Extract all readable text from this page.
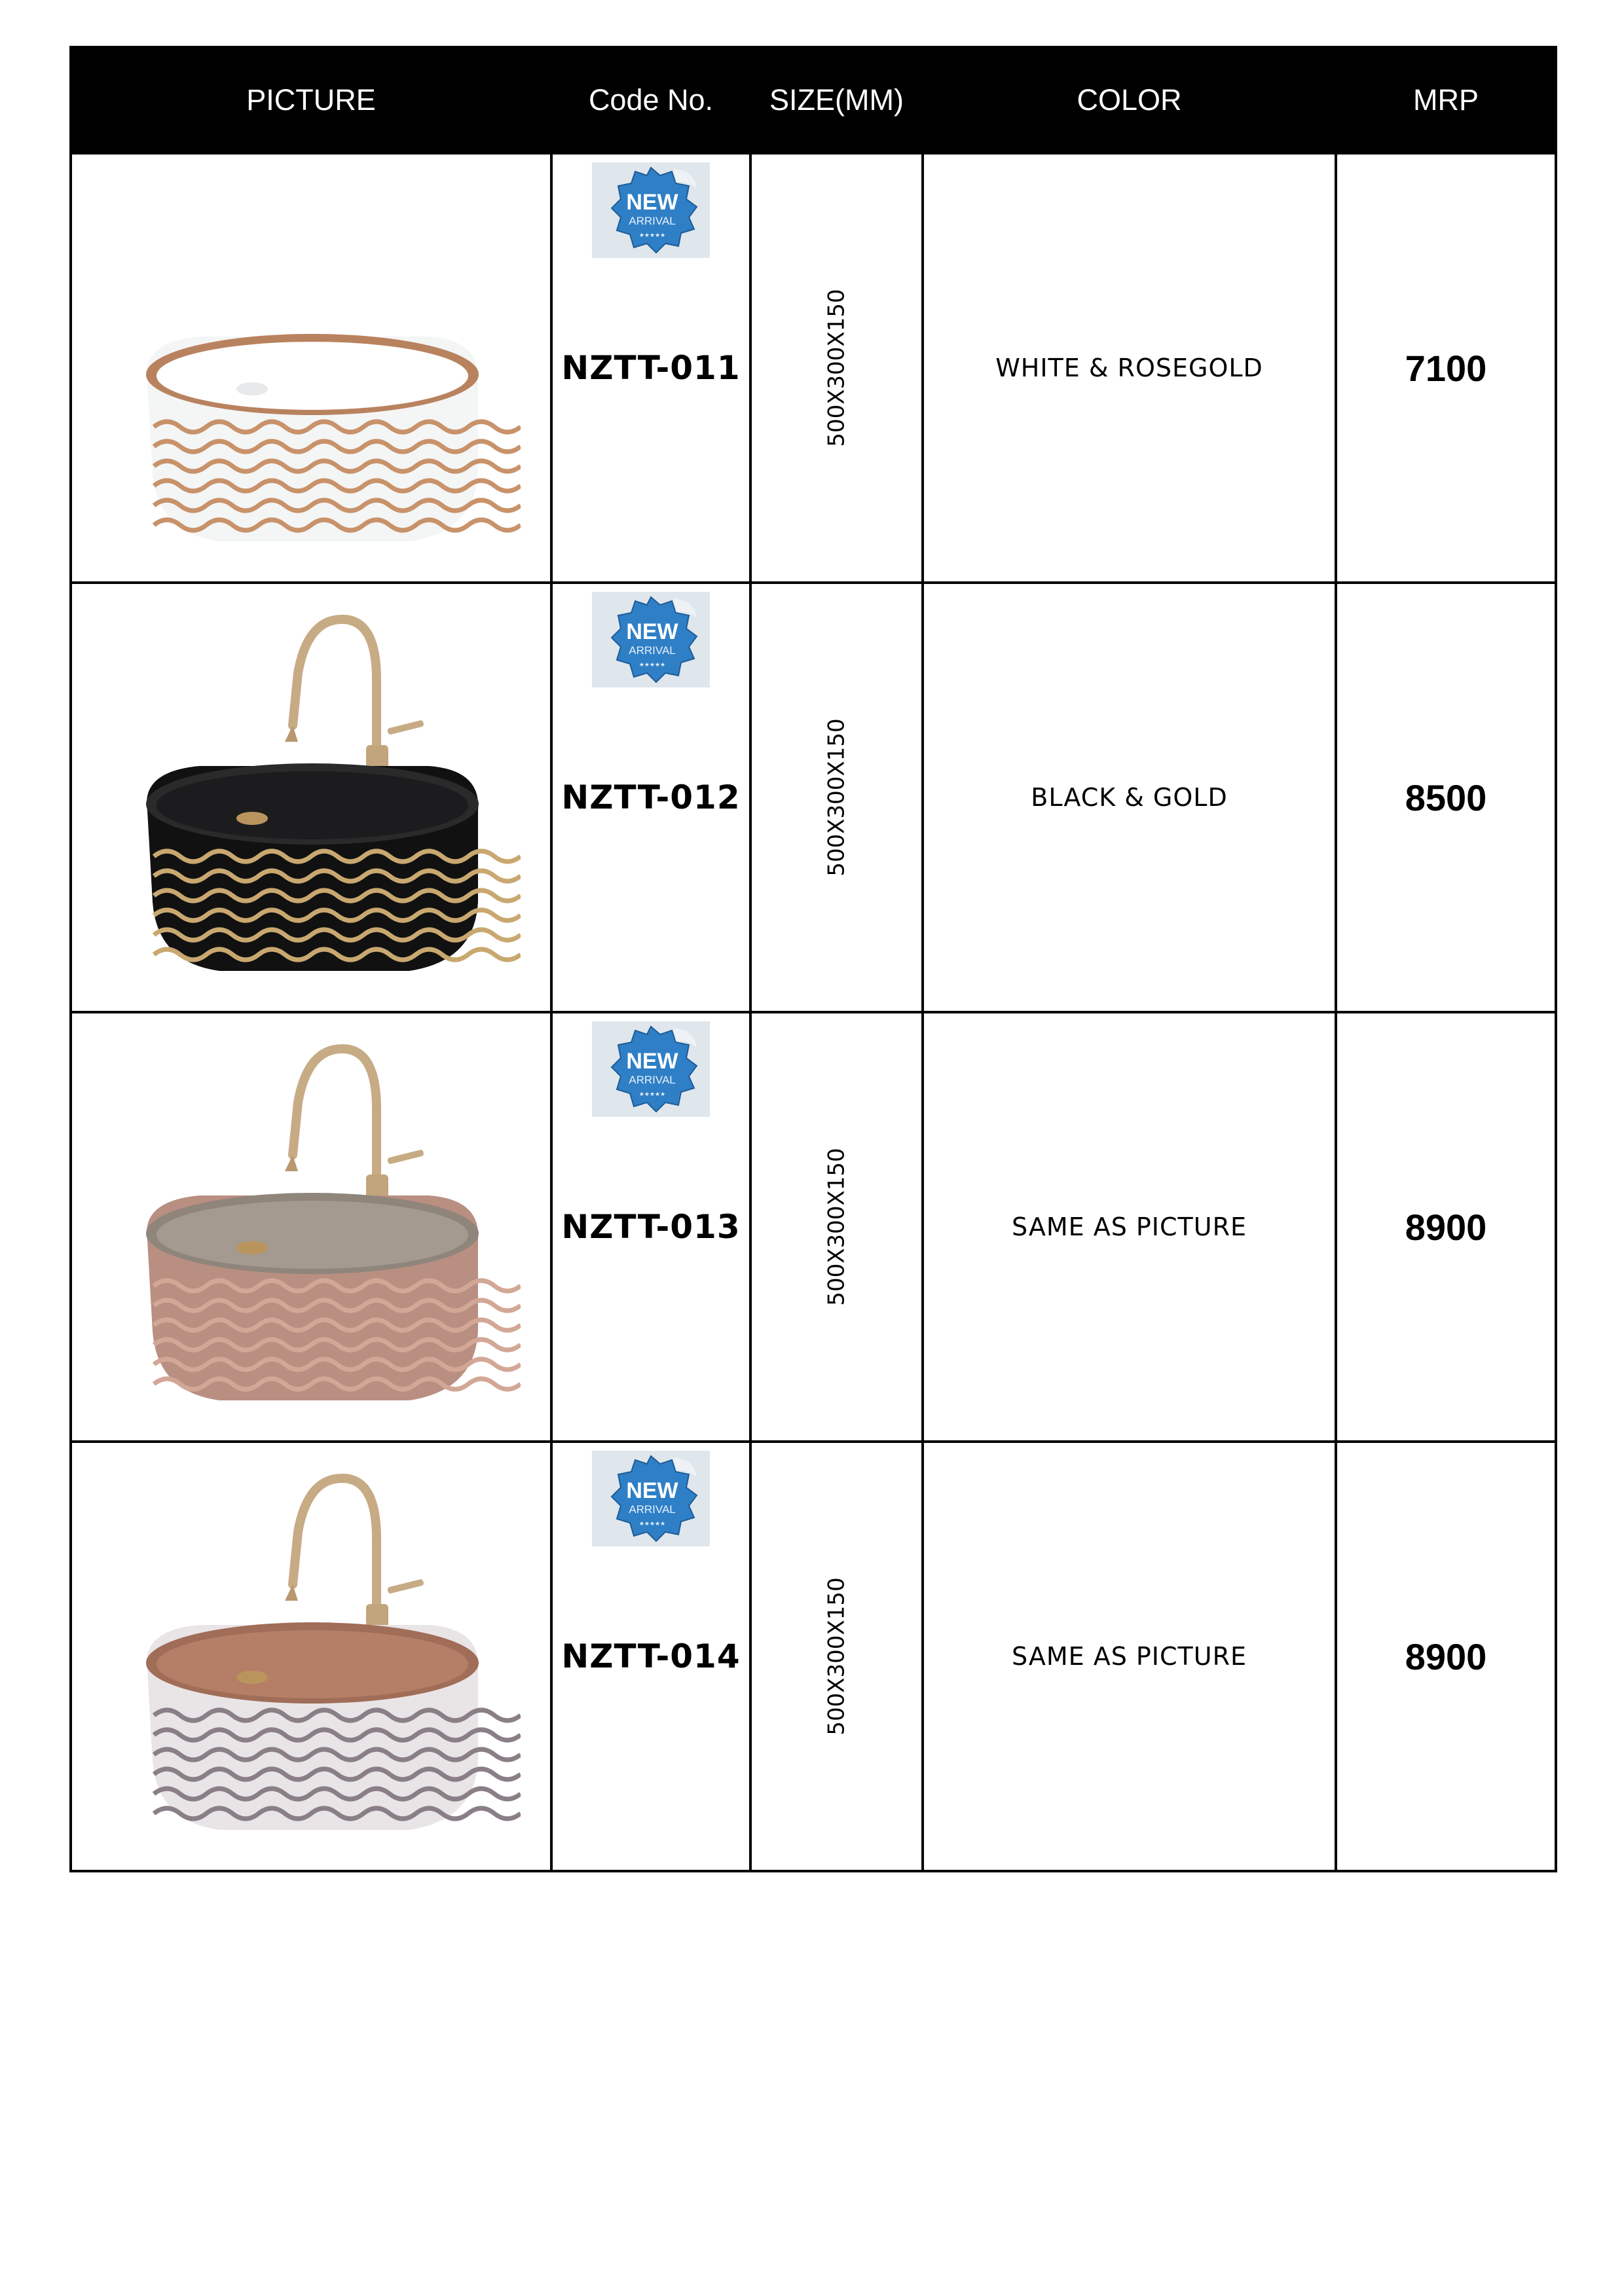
PICTURE	Code No.	SIZE(MM)	COLOR	MRP

NEW
ARRIVAL
★★★★★
NZTT-011	500X300X150	WHITE & ROSEGOLD	7100

NEW
ARRIVAL
★★★★★
NZTT-012	500X300X150	BLACK & GOLD	8500

NEW
ARRIVAL
★★★★★
NZTT-013	500X300X150	SAME AS PICTURE	8900

NEW
ARRIVAL
★★★★★
NZTT-014	500X300X150	SAME AS PICTURE	8900
